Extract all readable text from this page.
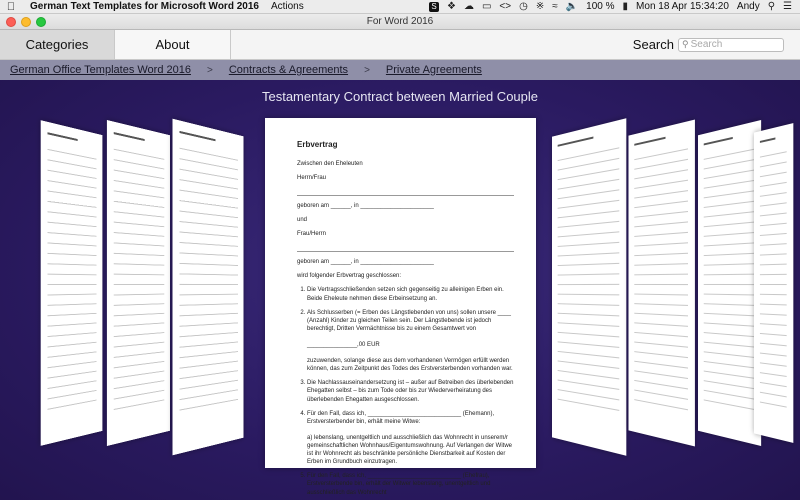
German Text Templates for Microsoft Word 2016 Actions	S ❖ ☁ ▭ <> ◷ ※ ≈ 🔈 100 % ▮ Mon 18 Apr 15:34:20 Andy ⚲ ☰
For Word 2016
Categories	About	Search ⚲
Search
German Office Templates Word 2016 > Contracts & Agreements > Private Agreements
Testamentary Contract between Married Couple
Erbvertrag

Zwischen den Eheleuten

Herrn/Frau

geboren am ______, in ______________________

und

Frau/Herrn

geboren am ______, in ______________________

wird folgender Erbvertrag geschlossen:

1. Die Vertragsschließenden setzen sich gegenseitig zu alleinigen Erben ein. Beide Eheleute nehmen diese Erbeinsetzung an.
2. Als Schlusserben (= Erben des Längstlebenden von uns) sollen unsere ____ (Anzahl) Kinder zu gleichen Teilen sein. Der Längstlebende ist jedoch berechtigt, Dritten Vermächtnisse bis zu einem Gesamtwert von

_______________,00 EUR

zuzuwenden, solange diese aus dem vorhandenen Vermögen erfüllt werden können, das zum Zeitpunkt des Todes des Erstversterbenden vorhanden war.
3. Die Nachlassauseinandersetzung ist – außer auf Betreiben des überlebenden Ehegatten selbst – bis zum Tode oder bis zur Wiederverheiratung des überlebenden Ehegatten ausgeschlossen.
4. Für den Fall, dass ich, ____________________________ (Ehemann), Erstversterbender bin, erhält meine Witwe:

a) lebenslang, unentgeltlich und ausschließlich das Wohnrecht in unserem/r gemeinschaftlichen Wohnhaus/Eigentumswohnung. Auf Verlangen der Witwe ist ihr Wohnrecht als beschränkte persönliche Dienstbarkeit auf Kosten der Erben im Grundbuch einzutragen.
5. Für den Fall, dass ich, ____________________________ (Ehefrau), Erstversterbende bin, erhält der Witwer lebenslang, unentgeltlich und ausschließlich das Wohnrecht
